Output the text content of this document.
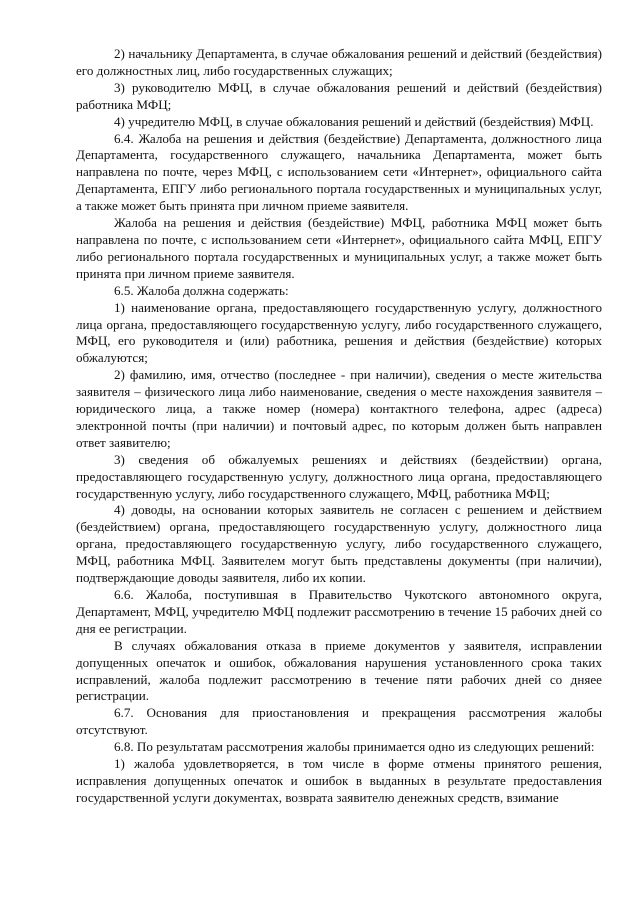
2) начальнику Департамента, в случае обжалования решений и действий (бездействия) его должностных лиц, либо государственных служащих;

3) руководителю МФЦ, в случае обжалования решений и действий (бездействия) работника МФЦ;

4) учредителю МФЦ, в случае обжалования решений и действий (бездействия) МФЦ.

6.4. Жалоба на решения и действия (бездействие) Департамента, должностного лица Департамента, государственного служащего, начальника Департамента, может быть направлена по почте, через МФЦ, с использованием сети «Интернет», официального сайта Департамента, ЕПГУ либо регионального портала государственных и муниципальных услуг, а также может быть принята при личном приеме заявителя.

Жалоба на решения и действия (бездействие) МФЦ, работника МФЦ может быть направлена по почте, с использованием сети «Интернет», официального сайта МФЦ, ЕПГУ либо регионального портала государственных и муниципальных услуг, а также может быть принята при личном приеме заявителя.

6.5. Жалоба должна содержать:

1) наименование органа, предоставляющего государственную услугу, должностного лица органа, предоставляющего государственную услугу, либо государственного служащего, МФЦ, его руководителя и (или) работника, решения и действия (бездействие) которых обжалуются;

2) фамилию, имя, отчество (последнее - при наличии), сведения о месте жительства заявителя – физического лица либо наименование, сведения о месте нахождения заявителя – юридического лица, а также номер (номера) контактного телефона, адрес (адреса) электронной почты (при наличии) и почтовый адрес, по которым должен быть направлен ответ заявителю;

3) сведения об обжалуемых решениях и действиях (бездействии) органа, предоставляющего государственную услугу, должностного лица органа, предоставляющего государственную услугу, либо государственного служащего, МФЦ, работника МФЦ;

4) доводы, на основании которых заявитель не согласен с решением и действием (бездействием) органа, предоставляющего государственную услугу, должностного лица органа, предоставляющего государственную услугу, либо государственного служащего, МФЦ, работника МФЦ. Заявителем могут быть представлены документы (при наличии), подтверждающие доводы заявителя, либо их копии.

6.6. Жалоба, поступившая в Правительство Чукотского автономного округа, Департамент, МФЦ, учредителю МФЦ подлежит рассмотрению в течение 15 рабочих дней со дня ее регистрации.

В случаях обжалования отказа в приеме документов у заявителя, исправлении допущенных опечаток и ошибок, обжалования нарушения установленного срока таких исправлений, жалоба подлежит рассмотрению в течение пяти рабочих дней со дняее регистрации.

6.7. Основания для приостановления и прекращения рассмотрения жалобы отсутствуют.

6.8. По результатам рассмотрения жалобы принимается одно из следующих решений:

1) жалоба удовлетворяется, в том числе в форме отмены принятого решения, исправления допущенных опечаток и ошибок в выданных в результате предоставления государственной услуги документах, возврата заявителю денежных средств, взимание
